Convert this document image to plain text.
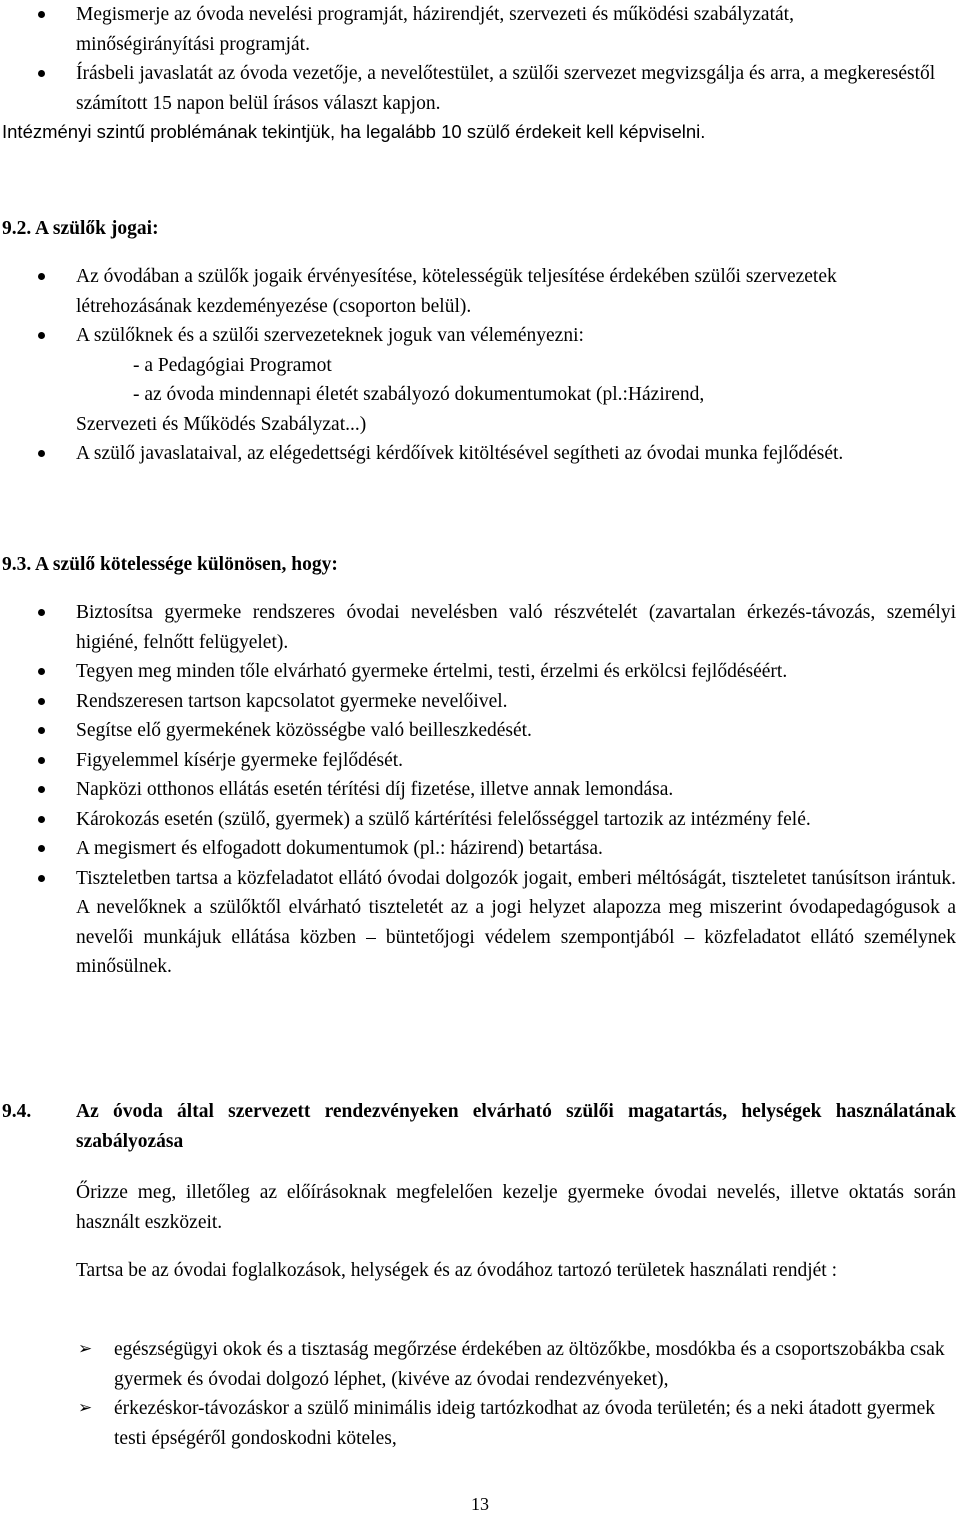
Megismerje az óvoda nevelési programját, házirendjét, szervezeti és működési szabályzatát, minőségirányítási programját.
Írásbeli javaslatát az óvoda vezetője, a nevelőtestület, a szülői szervezet megvizsgálja és arra, a megkereséstől számított 15 napon belül írásos választ kapjon.

Intézményi szintű problémának tekintjük, ha legalább 10 szülő érdekeit kell képviselni.

9.2. A szülők jogai:

Az óvodában a szülők jogaik érvényesítése, kötelességük teljesítése érdekében szülői szervezetek létrehozásának kezdeményezése (csoporton belül).
A szülőknek és a szülői szervezeteknek joguk van véleményezni:
- a Pedagógiai Programot
- az óvoda mindennapi életét szabályozó dokumentumokat (pl.:Házirend,
Szervezeti és Működés Szabályzat...)
A szülő javaslataival, az elégedettségi kérdőívek kitöltésével segítheti az óvodai munka fejlődését.

9.3. A szülő kötelessége különösen, hogy:

Biztosítsa gyermeke rendszeres óvodai nevelésben való részvételét (zavartalan érkezés-távozás, személyi higiéné, felnőtt felügyelet).
Tegyen meg minden tőle elvárható gyermeke értelmi, testi, érzelmi és erkölcsi fejlődéséért.
Rendszeresen tartson kapcsolatot gyermeke nevelőivel.
Segítse elő gyermekének közösségbe való beilleszkedését.
Figyelemmel kísérje gyermeke fejlődését.
Napközi otthonos ellátás esetén térítési díj fizetése, illetve annak lemondása.
Károkozás esetén (szülő, gyermek) a szülő kártérítési felelősséggel tartozik az intézmény felé.
A megismert és elfogadott dokumentumok (pl.: házirend) betartása.
Tiszteletben tartsa a közfeladatot ellátó óvodai dolgozók jogait, emberi méltóságát, tiszteletet tanúsítson irántuk. A nevelőknek a szülőktől elvárható tiszteletét az a jogi helyzet alapozza meg miszerint óvodapedagógusok a nevelői munkájuk ellátása közben – büntetőjogi védelem szempontjából – közfeladatot ellátó személynek minősülnek.
9.4. Az óvoda által szervezett rendezvényeken elvárható szülői magatartás, helységek használatának szabályozása

Őrizze meg, illetőleg az előírásoknak megfelelően kezelje gyermeke óvodai nevelés, illetve oktatás során használt eszközeit.

Tartsa be az óvodai foglalkozások, helységek és az óvodához tartozó területek használati rendjét :

➢ egészségügyi okok és a tisztaság megőrzése érdekében az öltözőkbe, mosdókba és a csoportszobákba csak gyermek és óvodai dolgozó léphet, (kivéve az óvodai rendezvényeket),
➢ érkezéskor-távozáskor a szülő minimális ideig tartózkodhat az óvoda területén; és a neki átadott gyermek testi épségéről gondoskodni köteles,
13
